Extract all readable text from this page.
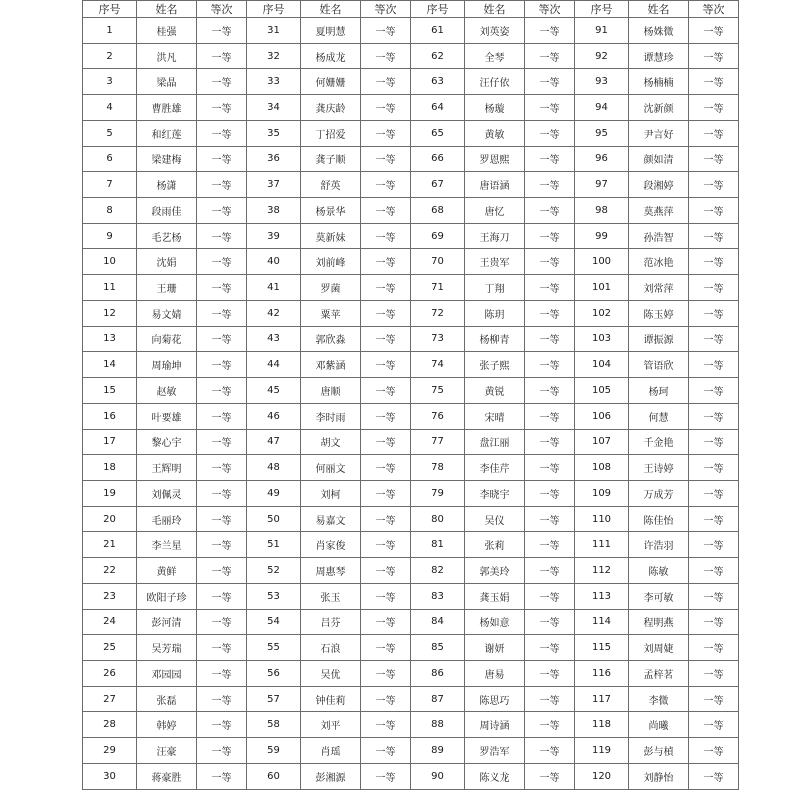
序号	姓名	等次	序号	姓名	等次	序号	姓名	等次	序号	姓名	等次
1	桂强	一等	31	夏明慧	一等	61	刘英姿	一等	91	杨姝微	一等
2	洪凡	一等	32	杨成龙	一等	62	全琴	一等	92	谭慧珍	一等
3	梁晶	一等	33	何姗姗	一等	63	汪仔依	一等	93	杨楠楠	一等
4	曹胜雄	一等	34	龚庆龄	一等	64	杨璇	一等	94	沈新颜	一等
5	和红莲	一等	35	丁招爱	一等	65	黄敏	一等	95	尹言好	一等
6	梁建梅	一等	36	龚子顺	一等	66	罗恩熙	一等	96	颜如清	一等
7	杨潇	一等	37	舒英	一等	67	唐语涵	一等	97	段湘婷	一等
8	段雨佳	一等	38	杨景华	一等	68	唐忆	一等	98	莫燕萍	一等
9	毛艺杨	一等	39	莫新妹	一等	69	王海刀	一等	99	孙浩智	一等
10	沈娟	一等	40	刘前峰	一等	70	王贵军	一等	100	范冰艳	一等
11	王珊	一等	41	罗菌	一等	71	丁翔	一等	101	刘常萍	一等
12	易文婧	一等	42	粟苹	一等	72	陈玥	一等	102	陈玉婷	一等
13	向菊花	一等	43	郭欣淼	一等	73	杨柳青	一等	103	谭振源	一等
14	周瑜坤	一等	44	邓紫涵	一等	74	张子熙	一等	104	管语欣	一等
15	赵敏	一等	45	唐顺	一等	75	黄锐	一等	105	杨珂	一等
16	叶要雄	一等	46	李时雨	一等	76	宋晴	一等	106	何慧	一等
17	黎心宇	一等	47	胡文	一等	77	盘江丽	一等	107	千金艳	一等
18	王辉明	一等	48	何丽文	一等	78	李佳芹	一等	108	王诗婷	一等
19	刘佩灵	一等	49	刘柯	一等	79	李晓宇	一等	109	万成芳	一等
20	毛丽玲	一等	50	易嘉文	一等	80	吴仪	一等	110	陈佳怡	一等
21	李兰星	一等	51	肖家俊	一等	81	张莉	一等	111	许浩羽	一等
22	黄鲜	一等	52	周惠琴	一等	82	郭美玲	一等	112	陈敏	一等
23	欧阳子珍	一等	53	张玉	一等	83	龚玉娟	一等	113	李可敏	一等
24	彭河清	一等	54	吕芬	一等	84	杨如意	一等	114	程明燕	一等
25	吴芳瑞	一等	55	石浪	一等	85	谢妍	一等	115	刘周婕	一等
26	邓园园	一等	56	吴优	一等	86	唐易	一等	116	孟梓茗	一等
27	张磊	一等	57	钟佳莉	一等	87	陈思巧	一等	117	李微	一等
28	韩婷	一等	58	刘平	一等	88	周诗涵	一等	118	尚曦	一等
29	汪豪	一等	59	肖瑶	一等	89	罗浩军	一等	119	彭与楨	一等
30	蒋豪胜	一等	60	彭湘源	一等	90	陈义龙	一等	120	刘静怡	一等
